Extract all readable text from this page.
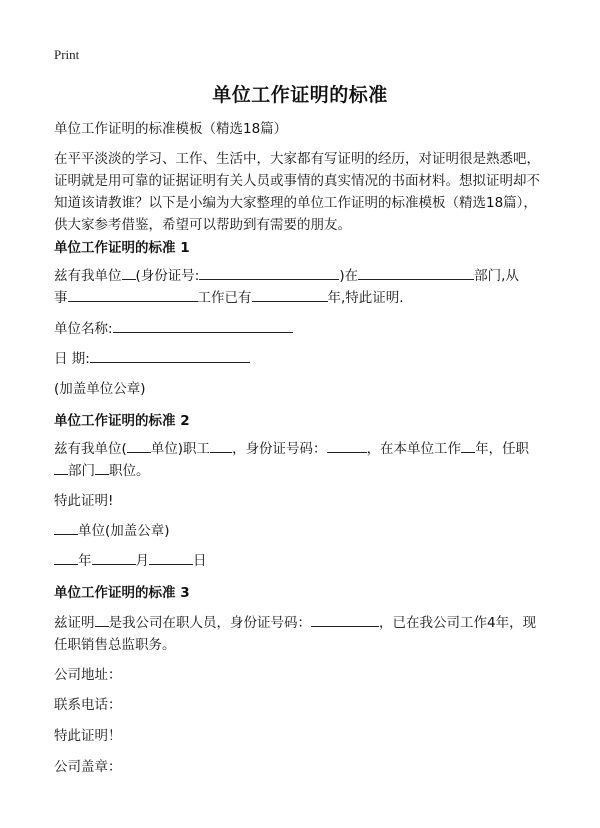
Print
单位工作证明的标准
单位工作证明的标准模板（精选18篇）
在平平淡淡的学习、工作、生活中，大家都有写证明的经历，对证明很是熟悉吧，证明就是用可靠的证据证明有关人员或事情的真实情况的书面材料。想拟证明却不知道该请教谁？以下是小编为大家整理的单位工作证明的标准模板（精选18篇），供大家参考借鉴，希望可以帮助到有需要的朋友。
单位工作证明的标准 1
兹有我单位 (身份证号:	)在	部门,从
事	工作已有	年,特此证明.
单位名称:
日 期:
(加盖单位公章)
单位工作证明的标准 2
兹有我单位( 单位)职工 ，身份证号码：	，在本单位工作 年，任职
部门 职位。
特此证明!
单位(加盖公章)
年	月	日
单位工作证明的标准 3
兹证明 是我公司在职人员，身份证号码：	，已在我公司工作4年，现
任职销售总监职务。
公司地址：
联系电话：
特此证明！
公司盖章：
